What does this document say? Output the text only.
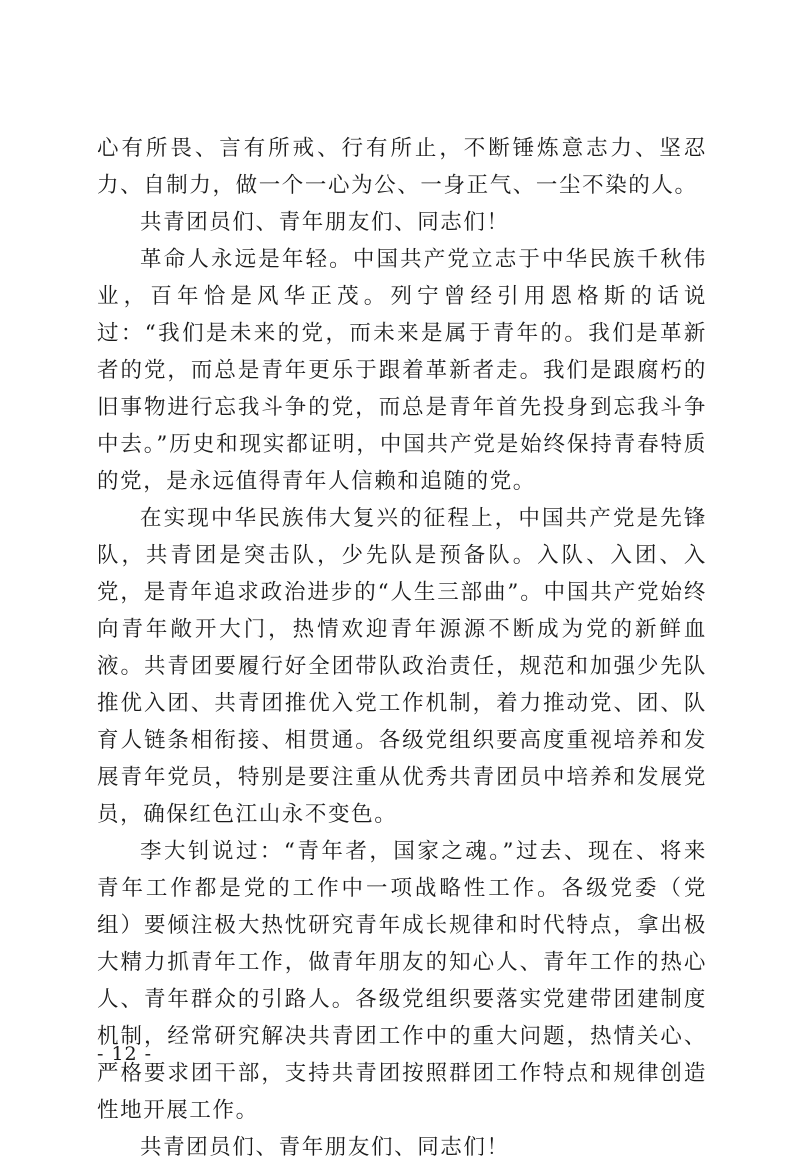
心有所畏、言有所戒、行有所止，不断锤炼意志力、坚忍力、自制力，做一个一心为公、一身正气、一尘不染的人。

共青团员们、青年朋友们、同志们！

革命人永远是年轻。中国共产党立志于中华民族千秋伟业，百年恰是风华正茂。列宁曾经引用恩格斯的话说过：“我们是未来的党，而未来是属于青年的。我们是革新者的党，而总是青年更乐于跟着革新者走。我们是跟腐朽的旧事物进行忘我斗争的党，而总是青年首先投身到忘我斗争中去。”历史和现实都证明，中国共产党是始终保持青春特质的党，是永远值得青年人信赖和追随的党。

在实现中华民族伟大复兴的征程上，中国共产党是先锋队，共青团是突击队，少先队是预备队。入队、入团、入党，是青年追求政治进步的“人生三部曲”。中国共产党始终向青年敞开大门，热情欢迎青年源源不断成为党的新鲜血液。共青团要履行好全团带队政治责任，规范和加强少先队推优入团、共青团推优入党工作机制，着力推动党、团、队育人链条相衔接、相贯通。各级党组织要高度重视培养和发展青年党员，特别是要注重从优秀共青团员中培养和发展党员，确保红色江山永不变色。

李大钊说过：“青年者，国家之魂。”过去、现在、将来青年工作都是党的工作中一项战略性工作。各级党委（党组）要倾注极大热忱研究青年成长规律和时代特点，拿出极大精力抓青年工作，做青年朋友的知心人、青年工作的热心人、青年群众的引路人。各级党组织要落实党建带团建制度机制，经常研究解决共青团工作中的重大问题，热情关心、严格要求团干部，支持共青团按照群团工作特点和规律创造性地开展工作。

共青团员们、青年朋友们、同志们！

- 12 -
